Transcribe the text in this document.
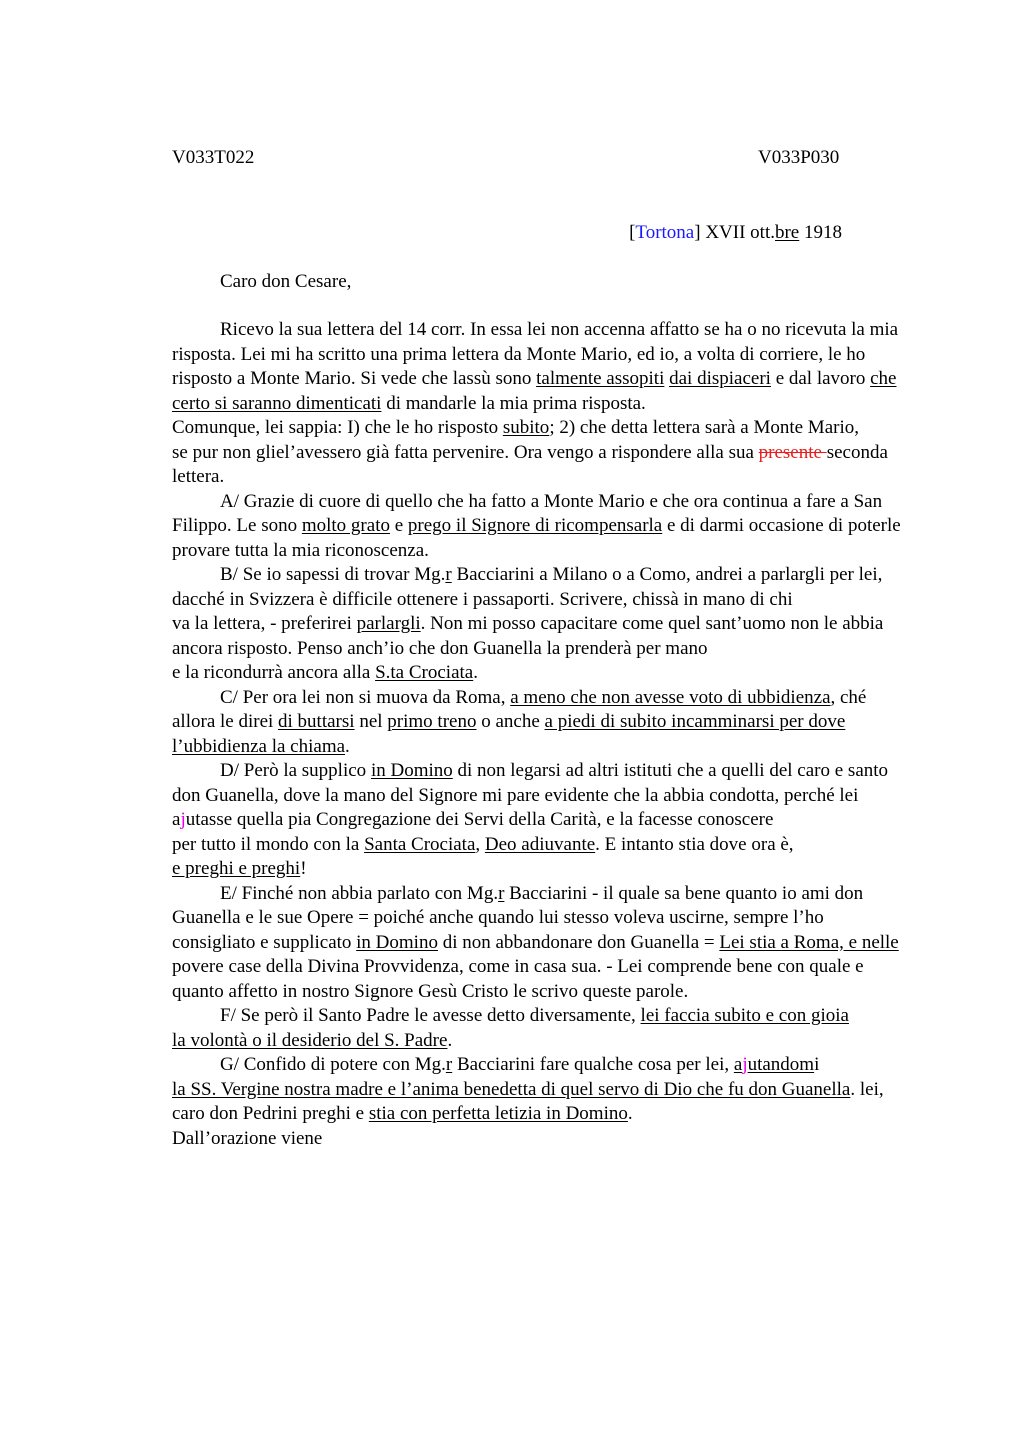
V033T022	V033P030
[Tortona] XVII ott.bre 1918
Caro don Cesare,

Ricevo la sua lettera del 14 corr. In essa lei non accenna affatto se ha o no ricevuta la mia risposta. Lei mi ha scritto una prima lettera da Monte Mario, ed io, a volta di corriere, le ho risposto a Monte Mario. Si vede che lassù sono talmente assopiti dai dispiaceri e dal lavoro che certo si saranno dimenticati di mandarle la mia prima risposta.

Comunque, lei sappia: I) che le ho risposto subito; 2) che detta lettera sarà a Monte Mario,

se pur non gliel’avessero già fatta pervenire. Ora vengo a rispondere alla sua presente seconda lettera.

A/ Grazie di cuore di quello che ha fatto a Monte Mario e che ora continua a fare a San Filippo. Le sono molto grato e prego il Signore di ricompensarla e di darmi occasione di poterle provare tutta la mia riconoscenza.

B/ Se io sapessi di trovar Mg.r Bacciarini a Milano o a Como, andrei a parlargli per lei, dacché in Svizzera è difficile ottenere i passaporti. Scrivere, chissà in mano di chi

va la lettera, - preferirei parlargli. Non mi posso capacitare come quel sant’uomo non le abbia ancora risposto. Penso anch’io che don Guanella la prenderà per mano

e la ricondurrà ancora alla S.ta Crociata.

C/ Per ora lei non si muova da Roma, a meno che non avesse voto di ubbidienza, ché allora le direi di buttarsi nel primo treno o anche a piedi di subito incamminarsi per dove l’ubbidienza la chiama.

D/ Però la supplico in Domino di non legarsi ad altri istituti che a quelli del caro e santo don Guanella, dove la mano del Signore mi pare evidente che la abbia condotta, perché lei ajutasse quella pia Congregazione dei Servi della Carità, e la facesse conoscere

per tutto il mondo con la Santa Crociata, Deo adiuvante. E intanto stia dove ora è,

e preghi e preghi!

E/ Finché non abbia parlato con Mg.r Bacciarini - il quale sa bene quanto io ami don Guanella e le sue Opere = poiché anche quando lui stesso voleva uscirne, sempre l’ho consigliato e supplicato in Domino di non abbandonare don Guanella = Lei stia a Roma, e nelle povere case della Divina Provvidenza, come in casa sua. - Lei comprende bene con quale e quanto affetto in nostro Signore Gesù Cristo le scrivo queste parole.

F/ Se però il Santo Padre le avesse detto diversamente, lei faccia subito e con gioia

la volontà o il desiderio del S. Padre.

G/ Confido di potere con Mg.r Bacciarini fare qualche cosa per lei, ajutandomi

la SS. Vergine nostra madre e l’anima benedetta di quel servo di Dio che fu don Guanella. lei, caro don Pedrini preghi e stia con perfetta letizia in Domino.

Dall’orazione viene
